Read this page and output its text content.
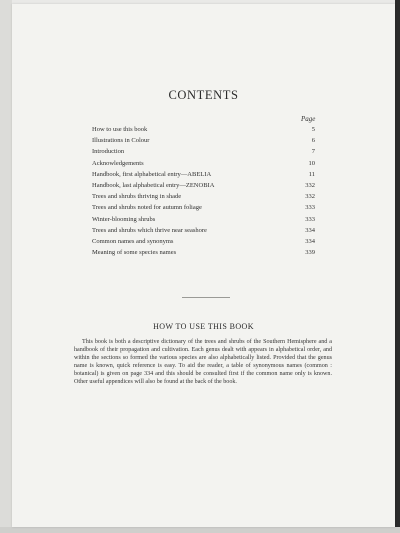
CONTENTS
Page
How to use this book	5
Illustrations in Colour	6
Introduction	7
Acknowledgements	10
Handbook, first alphabetical entry—ABELIA	11
Handbook, last alphabetical entry—ZENOBIA	332
Trees and shrubs thriving in shade	332
Trees and shrubs noted for autumn foliage	333
Winter-blooming shrubs	333
Trees and shrubs which thrive near seashore	334
Common names and synonyms	334
Meaning of some species names	339
HOW TO USE THIS BOOK
This book is both a descriptive dictionary of the trees and shrubs of the Southern Hemisphere and a handbook of their propagation and cultivation. Each genus dealt with appears in alphabetical order, and within the sections so formed the various species are also alphabetically listed. Provided that the genus name is known, quick reference is easy. To aid the reader, a table of synonymous names (common : botanical) is given on page 334 and this should be consulted first if the common name only is known. Other useful appendices will also be found at the back of the book.
